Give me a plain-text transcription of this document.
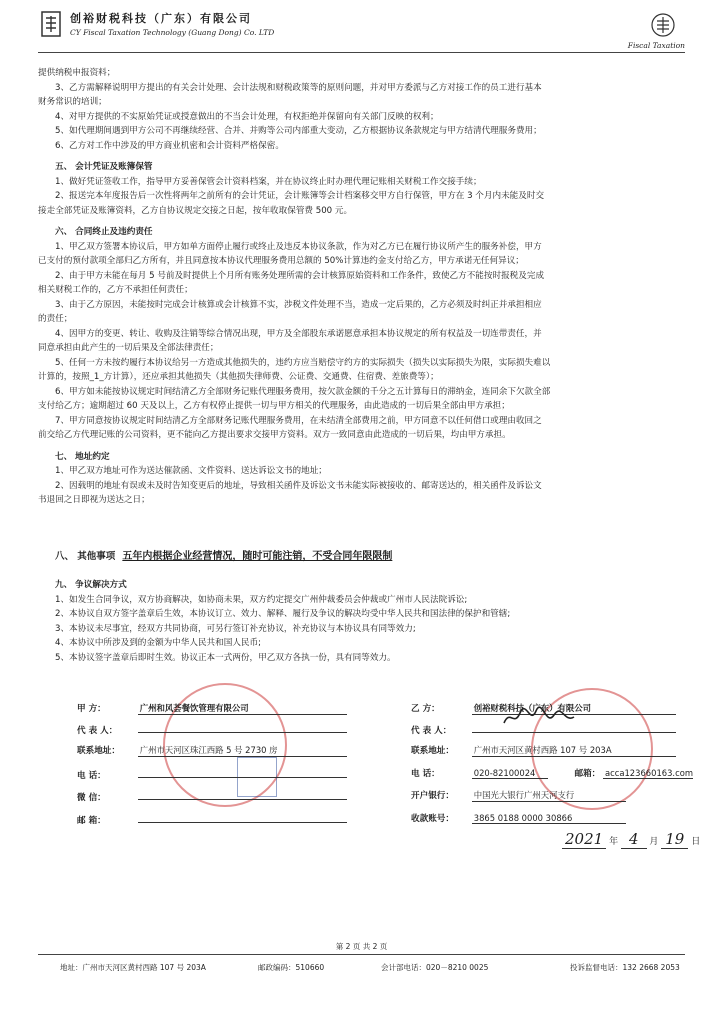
创裕财税科技（广东）有限公司
CY Fiscal Taxation Technology (Guang Dong) Co. LTD
Fiscal Taxation
提供纳税申报资料；
3、乙方需解释说明甲方提出的有关会计处理、会计法规和财税政策等的原则问题，并对甲方委派与乙方对接工作的员工进行基本
财务常识的培训；
4、对甲方提供的不实原始凭证或授意做出的不当会计处理，有权拒绝并保留向有关部门反映的权利；
5、如代理期间遇到甲方公司不再继续经营、合并、并购等公司内部重大变动，乙方根据协议条款规定与甲方结清代理服务费用；
6、乙方对工作中涉及的甲方商业机密和会计资料严格保密。
五、 会计凭证及账簿保管
1、做好凭证签收工作，指导甲方妥善保管会计资料档案，并在协议终止时办理代理记账相关财税工作交接手续；
2、报送完本年度报告后一次性将两年之前所有的会计凭证，会计账簿等会计档案移交甲方自行保管，甲方在 3 个月内未能及时交
接走全部凭证及账簿资料，乙方自协议规定交接之日起，按年收取保管费 500 元。
六、 合同终止及违约责任
1、甲乙双方签署本协议后，甲方如单方面停止履行或终止及违反本协议条款，作为对乙方已在履行协议所产生的服务补偿，甲方
已支付的预付款项全部归乙方所有，并且同意按本协议代理服务费用总额的 50%计算违约金支付给乙方，甲方承诺无任何异议；
2、由于甲方未能在每月 5 号前及时提供上个月所有账务处理所需的会计核算原始资料和工作条件，致使乙方不能按时报税及完成
相关财税工作的，乙方不承担任何责任；
3、由于乙方原因，未能按时完成会计核算或会计核算不实，涉税文件处理不当，造成一定后果的，乙方必须及时纠正并承担相应
的责任；
4、因甲方的变更、转让、收购及注销等综合情况出现，甲方及全部股东承诺愿意承担本协议规定的所有权益及一切连带责任，并
同意承担由此产生的一切后果及全部法律责任；
5、任何一方未按约履行本协议给另一方造成其他损失的，违约方应当赔偿守约方的实际损失（损失以实际损失为限，实际损失难以
计算的，按照_1_方计算），还应承担其他损失（其他损失律师费、公证费、交通费、住宿费、差旅费等）；
6、甲方如未能按协议规定时间结清乙方全部财务记账代理服务费用，按欠款金额的千分之五计算每日的滞纳金，连同余下欠款全部
支付给乙方；逾期超过 60 天及以上，乙方有权停止提供一切与甲方相关的代理服务，由此造成的一切后果全部由甲方承担；
7、甲方同意按协议规定时间结清乙方全部财务记账代理服务费用，在未结清全部费用之前，甲方同意不以任何借口或理由收回之
前交给乙方代理记账的公司资料，更不能向乙方提出要求交接甲方资料。双方一致同意由此造成的一切后果，均由甲方承担。
七、 地址约定
1、甲乙双方地址可作为送达催款函、文件资料、送达诉讼文书的地址；
2、因载明的地址有误或未及时告知变更后的地址，导致相关函件及诉讼文书未能实际被接收的、邮寄送达的，相关函件及诉讼文
书退回之日即视为送达之日；
八、 其他事项 五年内根据企业经营情况，随时可能注销，不受合同年限限制
九、 争议解决方式
1、如发生合同争议，双方协商解决，如协商未果，双方约定提交广州仲裁委员会仲裁或广州市人民法院诉讼;
2、本协议自双方签字盖章后生效，本协议订立、效力、解释、履行及争议的解决均受中华人民共和国法律的保护和管辖;
3、本协议未尽事宜，经双方共同协商，可另行签订补充协议，补充协议与本协议具有同等效力;
4、本协议中所涉及到的金额为中华人民共和国人民币;
5、本协议签字盖章后即时生效。协议正本一式两份，甲乙双方各执一份，具有同等效力。
甲 方：	广州和风荟餐饮管理有限公司
代 表 人：
联系地址： 广州市天河区珠江西路 5 号 2730 房
电 话：
微 信：
邮 箱：
乙 方：	创裕财税科技（广东）有限公司
代 表 人：
联系地址： 广州市天河区黄村西路 107 号 203A
电 话：	020-82100024	邮箱： acca123660163.com
开户银行： 中国光大银行广州天河支行
收款账号： 3865 0188 0000 30866
2021 年 4 月 19 日
第 2 页 共 2 页
地址：广州市天河区黄村西路 107 号 203A	邮政编码：510660	会计部电话：020－8210 0025	投诉监督电话：132 2668 2053
